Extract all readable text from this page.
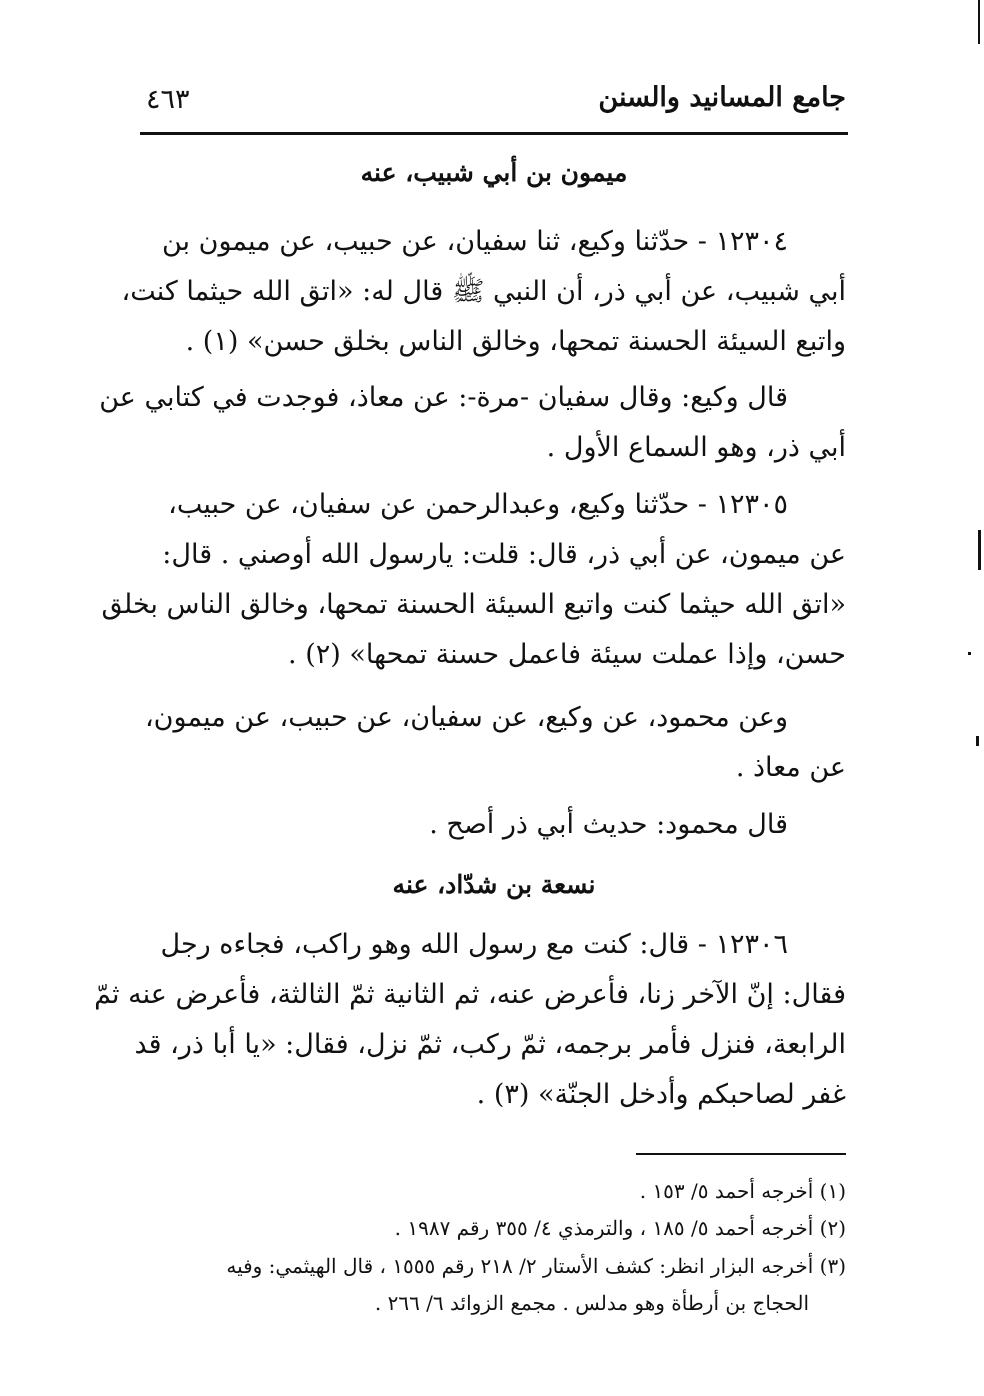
جامع المسانيد والسنن
٤٦٣
ميمون بن أبي شبيب، عنه
١٢٣٠٤ - حدّثنا وكيع، ثنا سفيان، عن حبيب، عن ميمون بن
أبي شبيب، عن أبي ذر، أن النبي ﷺ قال له: «اتق الله حيثما كنت،
واتبع السيئة الحسنة تمحها، وخالق الناس بخلق حسن» (١) .
قال وكيع: وقال سفيان -مرة-: عن معاذ، فوجدت في كتابي عن
أبي ذر، وهو السماع الأول .
١٢٣٠٥ - حدّثنا وكيع، وعبدالرحمن عن سفيان، عن حبيب،
عن ميمون، عن أبي ذر، قال: قلت: يارسول الله أوصني . قال:
«اتق الله حيثما كنت واتبع السيئة الحسنة تمحها، وخالق الناس بخلق
حسن، وإذا عملت سيئة فاعمل حسنة تمحها» (٢) .
وعن محمود، عن وكيع، عن سفيان، عن حبيب، عن ميمون،
عن معاذ .
قال محمود: حديث أبي ذر أصح .
نسعة بن شدّاد، عنه
١٢٣٠٦ - قال: كنت مع رسول الله وهو راكب، فجاءه رجل
فقال: إنّ الآخر زنا، فأعرض عنه، ثم الثانية ثمّ الثالثة، فأعرض عنه ثمّ
الرابعة، فنزل فأمر برجمه، ثمّ ركب، ثمّ نزل، فقال: «يا أبا ذر، قد
غفر لصاحبكم وأدخل الجنّة» (٣) .
(١) أخرجه أحمد ٥/ ١٥٣ .
(٢) أخرجه أحمد ٥/ ١٨٥ ، والترمذي ٤/ ٣٥٥ رقم ١٩٨٧ .
(٣) أخرجه البزار انظر: كشف الأستار ٢/ ٢١٨ رقم ١٥٥٥ ، قال الهيثمي: وفيه
الحجاج بن أرطأة وهو مدلس . مجمع الزوائد ٦/ ٢٦٦ .
